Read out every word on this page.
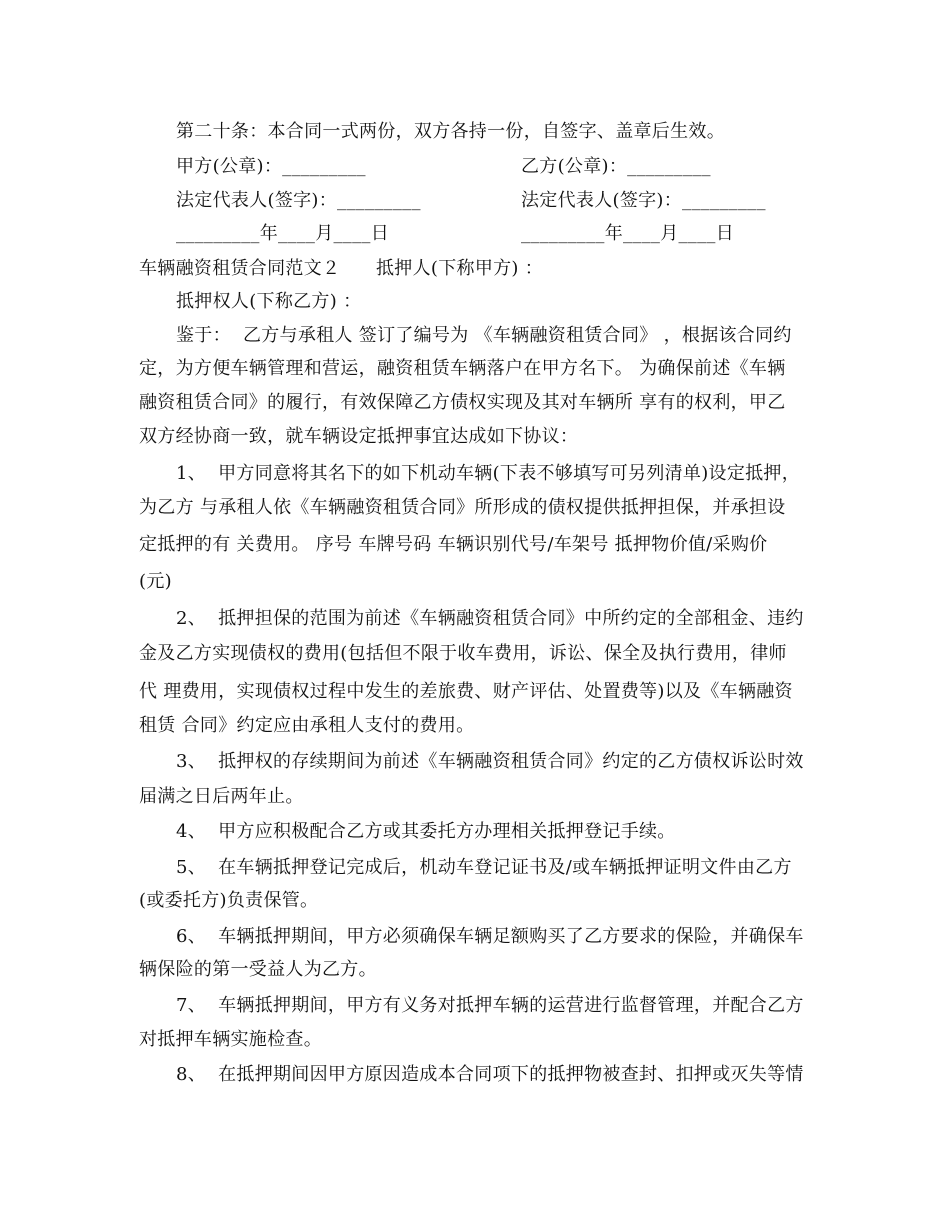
第二十条：本合同一式两份，双方各持一份，自签字、盖章后生效。
甲方(公章)：_________	乙方(公章)：_________
法定代表人(签字)：_________	法定代表人(签字)：_________
_________年____月____日	_________年____月____日
车辆融资租赁合同范文２ 抵押人(下称甲方) ：
抵押权人(下称乙方) ：
鉴于：  乙方与承租人 签订了编号为 《车辆融资租赁合同》 ，根据该合同约
定，为方便车辆管理和营运，融资租赁车辆落户在甲方名下。 为确保前述《车辆
融资租赁合同》的履行，有效保障乙方债权实现及其对车辆所 享有的权利，甲乙
双方经协商一致，就车辆设定抵押事宜达成如下协议：
1、  甲方同意将其名下的如下机动车辆(下表不够填写可另列清单)设定抵押，
为乙方 与承租人依《车辆融资租赁合同》所形成的债权提供抵押担保，并承担设
定抵押的有 关费用。 序号 车牌号码 车辆识别代号/车架号 抵押物价值/采购价
(元)
2、  抵押担保的范围为前述《车辆融资租赁合同》中所约定的全部租金、违约
金及乙方实现债权的费用(包括但不限于收车费用，诉讼、保全及执行费用，律师
代 理费用，实现债权过程中发生的差旅费、财产评估、处置费等)以及《车辆融资
租赁 合同》约定应由承租人支付的费用。
3、  抵押权的存续期间为前述《车辆融资租赁合同》约定的乙方债权诉讼时效
届满之日后两年止。
4、  甲方应积极配合乙方或其委托方办理相关抵押登记手续。
5、  在车辆抵押登记完成后，机动车登记证书及/或车辆抵押证明文件由乙方
(或委托方)负责保管。
6、  车辆抵押期间，甲方必须确保车辆足额购买了乙方要求的保险，并确保车
辆保险的第一受益人为乙方。
7、  车辆抵押期间，甲方有义务对抵押车辆的运营进行监督管理，并配合乙方
对抵押车辆实施检查。
8、  在抵押期间因甲方原因造成本合同项下的抵押物被查封、扣押或灭失等情
